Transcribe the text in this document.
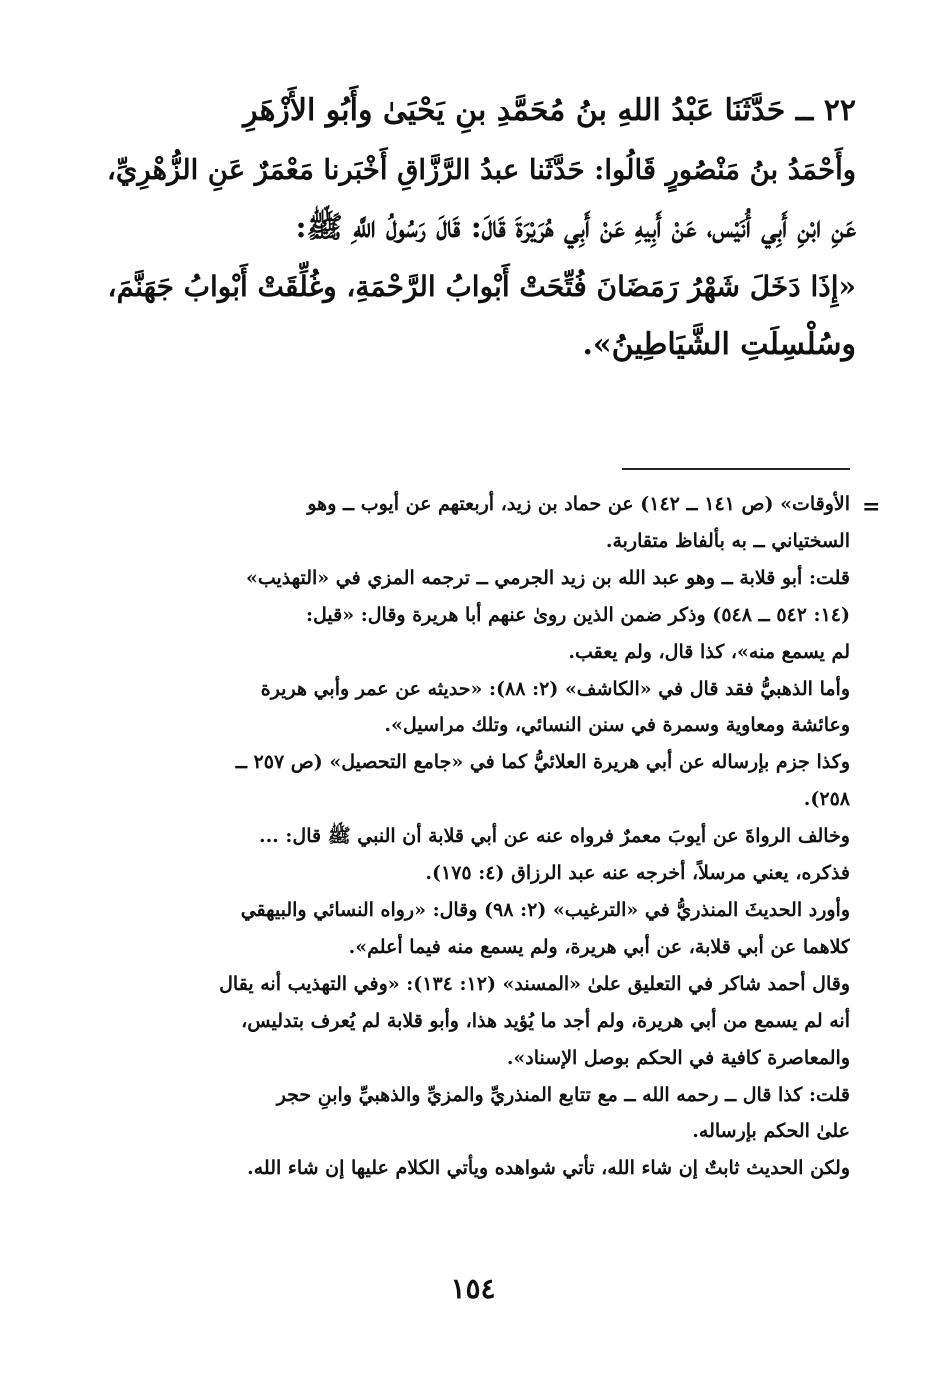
٢٢ ــ حَدَّثَنَا عَبْدُ اللهِ بنُ مُحَمَّدِ بنِ يَحْيَىٰ وأَبُو الأَزْهَرِ
وأَحْمَدُ بنُ مَنْصُورٍ قَالُوا: حَدَّثَنا عبدُ الرَّزَّاقِ أَخْبَرنا مَعْمَرٌ عَنِ الزُّهْرِيِّ،
عَنِ ابْنِ أَبِي أُنَيْس، عَنْ أَبِيهِ عَنْ أَبِي هُرَيْرَةَ قَالَ: قَالَ رَسُولُ اللَّهِ ﷺ:
«إِذَا دَخَلَ شَهْرُ رَمَضَانَ فُتِّحَتْ أَبْوابُ الرَّحْمَةِ، وغُلِّقَتْ أَبْوابُ جَهَنَّمَ،
وسُلْسِلَتِ الشَّيَاطِينُ».
=
الأوقات» (ص ١٤١ ــ ١٤٢) عن حماد بن زيد، أربعتهم عن أيوب ــ وهو
السختياني ــ به بألفاظ متقاربة.
قلت: أبو قلابة ــ وهو عبد الله بن زيد الجرمي ــ ترجمه المزي في «التهذيب»
(١٤: ٥٤٢ ــ ٥٤٨) وذكر ضمن الذين روىٰ عنهم أبا هريرة وقال: «قيل:
لم يسمع منه»، كذا قال، ولم يعقب.
وأما الذهبيُّ فقد قال في «الكاشف» (٢: ٨٨): «حديثه عن عمر وأبي هريرة
وعائشة ومعاوية وسمرة في سنن النسائي، وتلك مراسيل».
وكذا جزم بإرساله عن أبي هريرة العلائيُّ كما في «جامع التحصيل» (ص ٢٥٧ ــ
٢٥٨).
وخالف الرواةَ عن أيوبَ معمرٌ فرواه عنه عن أبي قلابة أن النبي ﷺ قال: ...
فذكره، يعني مرسلاً، أخرجه عنه عبد الرزاق (٤: ١٧٥).
وأورد الحديثَ المنذريُّ في «الترغيب» (٢: ٩٨) وقال: «رواه النسائي والبيهقي
كلاهما عن أبي قلابة، عن أبي هريرة، ولم يسمع منه فيما أعلم».
وقال أحمد شاكر في التعليق علىٰ «المسند» (١٢: ١٣٤): «وفي التهذيب أنه يقال
أنه لم يسمع من أبي هريرة، ولم أجد ما يُؤيد هذا، وأبو قلابة لم يُعرف بتدليس،
والمعاصرة كافية في الحكم بوصل الإسناد».
قلت: كذا قال ــ رحمه الله ــ مع تتابع المنذريِّ والمزيِّ والذهبيِّ وابنِ حجر
علىٰ الحكم بإرساله.
ولكن الحديث ثابتٌ إن شاء الله، تأتي شواهده ويأتي الكلام عليها إن شاء الله.
١٥٤
